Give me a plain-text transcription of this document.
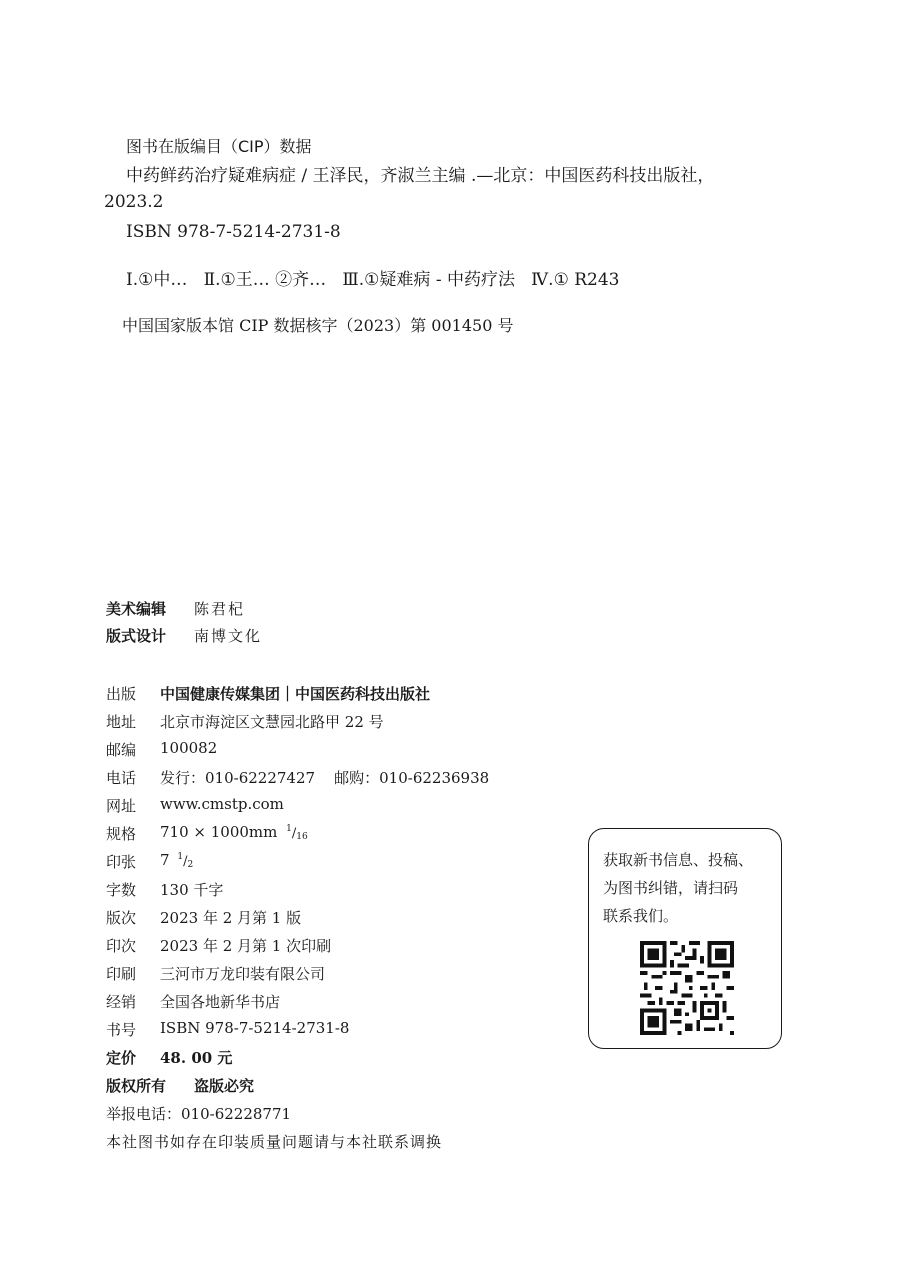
图书在版编目（CIP）数据
中药鲜药治疗疑难病症 / 王泽民，齐淑兰主编 .—北京：中国医药科技出版社，
2023.2
ISBN 978-7-5214-2731-8
Ⅰ.①中…   Ⅱ.①王… ②齐…   Ⅲ.①疑难病 - 中药疗法   Ⅳ.① R243
中国国家版本馆 CIP 数据核字（2023）第 001450 号
美术编辑 陈君杞
版式设计 南博文化
出版 中国健康传媒集团｜中国医药科技出版社
地址 北京市海淀区文慧园北路甲 22 号
邮编 100082
电话 发行：010-62227427    邮购：010-62236938
网址 www.cmstp.com
规格 710 × 1000mm $^1$/16
印张 7 $^1$/2
字数 130 千字
版次 2023 年 2 月第 1 版
印次 2023 年 2 月第 1 次印刷
印刷 三河市万龙印装有限公司
经销 全国各地新华书店
书号 ISBN 978-7-5214-2731-8
定价 48. 00 元
版权所有 盗版必究
举报电话：010-62228771
本社图书如存在印装质量问题请与本社联系调换
获取新书信息、投稿、
为图书纠错，请扫码
联系我们。
